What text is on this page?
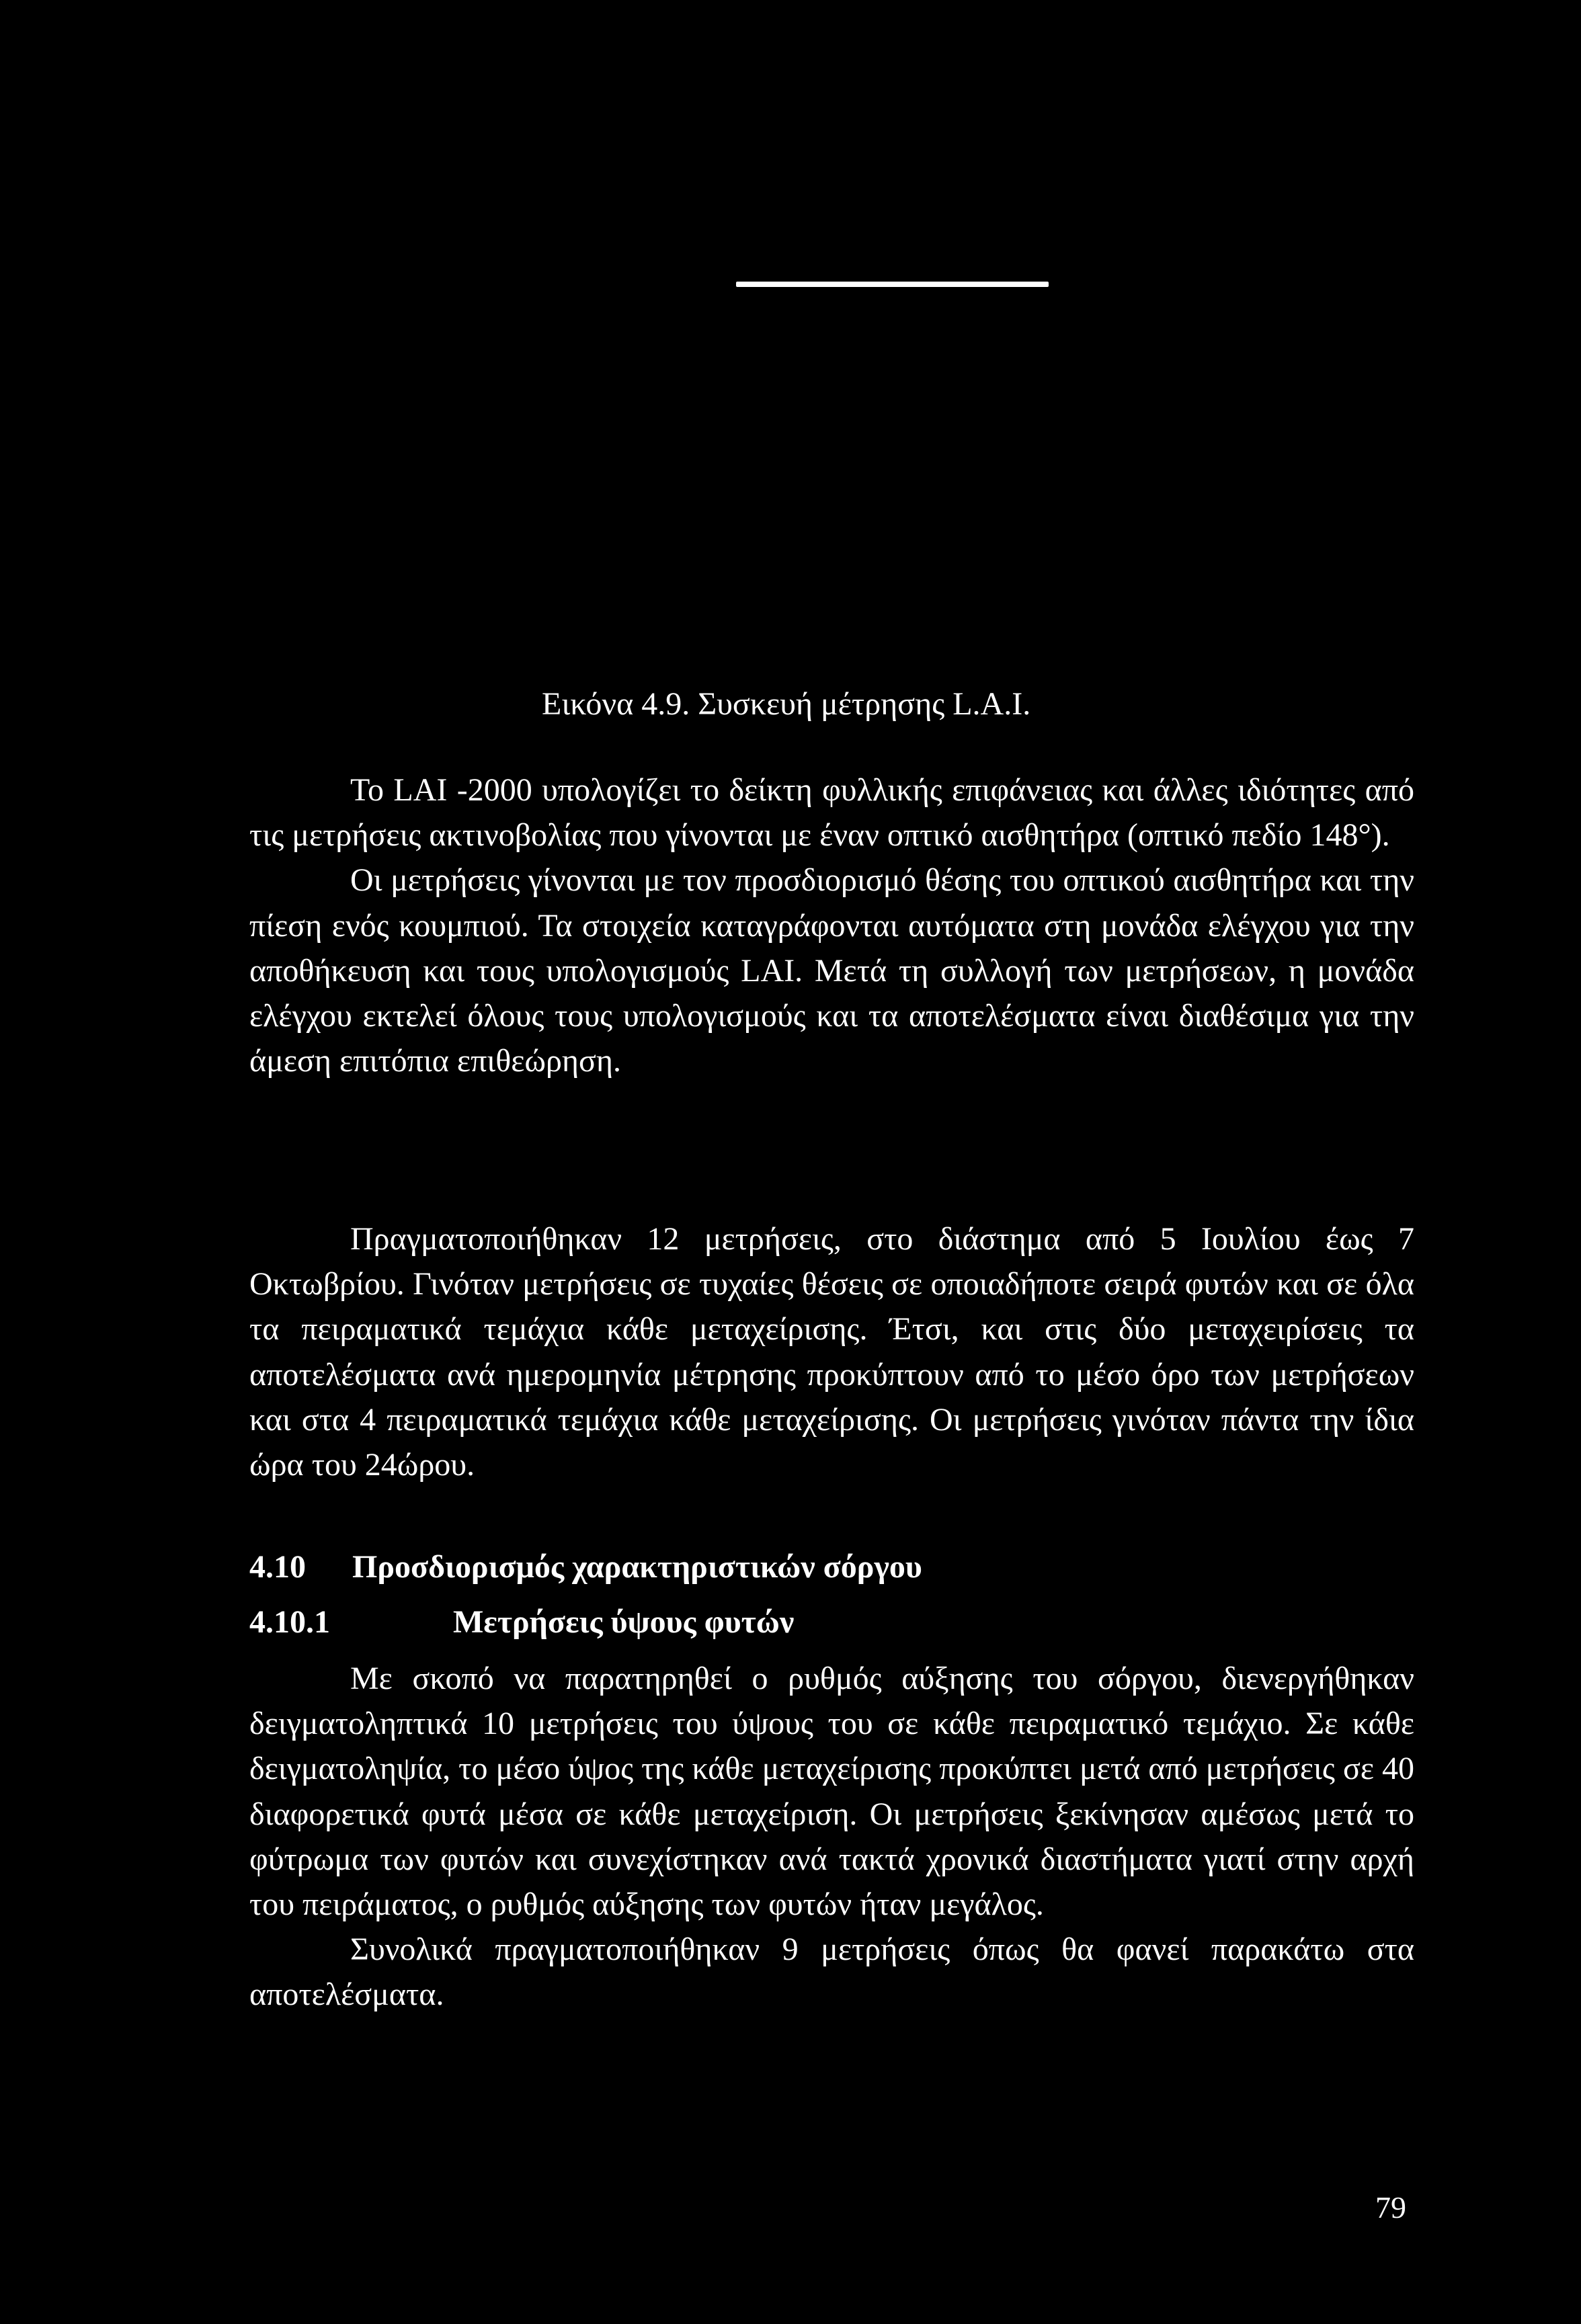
Εικόνα 4.9. Συσκευή μέτρησης L.A.I.

Το LAI -2000 υπολογίζει το δείκτη φυλλικής επιφάνειας και άλλες ιδιότητες από τις μετρήσεις ακτινοβολίας που γίνονται με έναν οπτικό αισθητήρα (οπτικό πεδίο 148°).

Οι μετρήσεις γίνονται με τον προσδιορισμό θέσης του οπτικού αισθητήρα και την πίεση ενός κουμπιού. Τα στοιχεία καταγράφονται αυτόματα στη μονάδα ελέγχου για την αποθήκευση και τους υπολογισμούς LAI. Μετά τη συλλογή των μετρήσεων, η μονάδα ελέγχου εκτελεί όλους τους υπολογισμούς και τα αποτελέσματα είναι διαθέσιμα για την άμεση επιτόπια επιθεώρηση.

Πραγματοποιήθηκαν 12 μετρήσεις, στο διάστημα από 5 Ιουλίου έως 7 Οκτωβρίου. Γινόταν μετρήσεις σε τυχαίες θέσεις σε οποιαδήποτε σειρά φυτών και σε όλα τα πειραματικά τεμάχια κάθε μεταχείρισης. Έτσι, και στις δύο μεταχειρίσεις τα αποτελέσματα ανά ημερομηνία μέτρησης προκύπτουν από το μέσο όρο των μετρήσεων και στα 4 πειραματικά τεμάχια κάθε μεταχείρισης. Οι μετρήσεις γινόταν πάντα την ίδια ώρα του 24ώρου.

4.10 Προσδιορισμός χαρακτηριστικών σόργου
4.10.1	Μετρήσεις ύψους φυτών

Με σκοπό να παρατηρηθεί ο ρυθμός αύξησης του σόργου, διενεργήθηκαν δειγματοληπτικά 10 μετρήσεις του ύψους του σε κάθε πειραματικό τεμάχιο. Σε κάθε δειγματοληψία, το μέσο ύψος της κάθε μεταχείρισης προκύπτει μετά από μετρήσεις σε 40 διαφορετικά φυτά μέσα σε κάθε μεταχείριση. Οι μετρήσεις ξεκίνησαν αμέσως μετά το φύτρωμα των φυτών και συνεχίστηκαν ανά τακτά χρονικά διαστήματα γιατί στην αρχή του πειράματος, ο ρυθμός αύξησης των φυτών ήταν μεγάλος.

Συνολικά πραγματοποιήθηκαν 9 μετρήσεις όπως θα φανεί παρακάτω στα αποτελέσματα.

79
